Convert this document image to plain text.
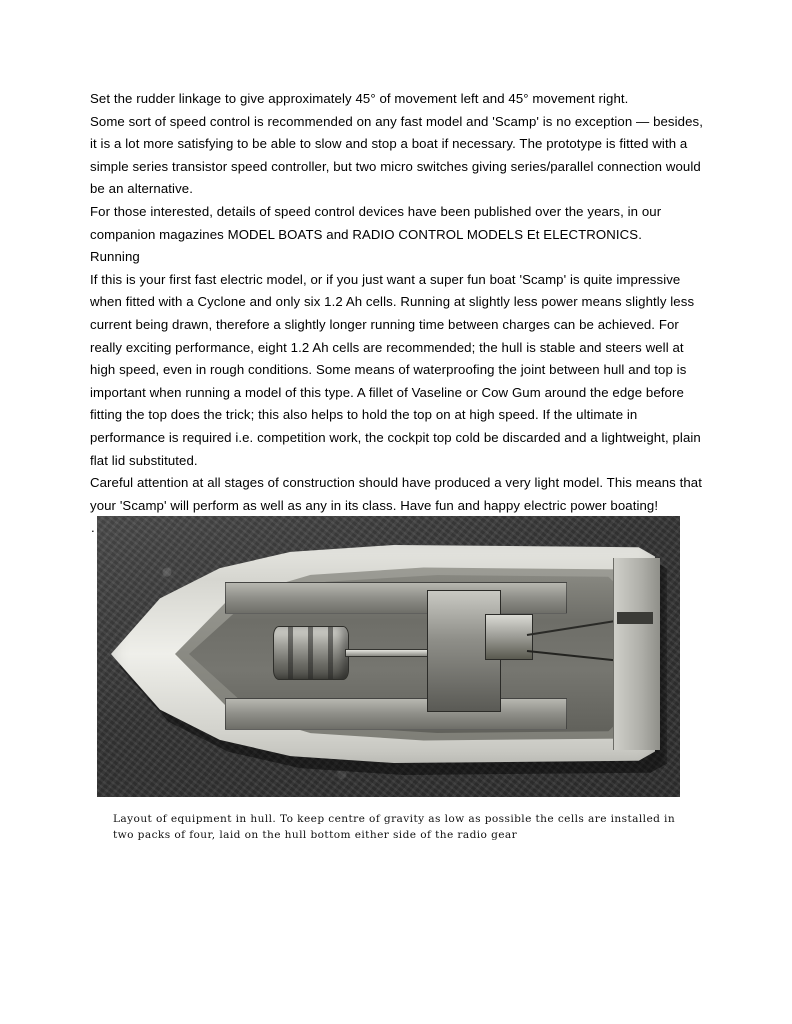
Set the rudder linkage to give approximately 45° of movement left and 45° movement right.

Some sort of speed control is recommended on any fast model and 'Scamp' is no exception — besides, it is a lot more satisfying to be able to slow and stop a boat if necessary. The prototype is fitted with a simple series transistor speed controller, but two micro switches giving series/parallel connection would be an alternative.

For those interested, details of speed control devices have been published over the years, in our companion magazines MODEL BOATS and RADIO CONTROL MODELS Et ELECTRONICS.

Running

If this is your first fast electric model, or if you just want a super fun boat 'Scamp' is quite impressive when fitted with a Cyclone and only six 1.2 Ah cells. Running at slightly less power means slightly less current being drawn, therefore a slightly longer running time between charges can be achieved. For really exciting performance, eight 1.2 Ah cells are recommended; the hull is stable and steers well at high speed, even in rough conditions. Some means of waterproofing the joint between hull and top is important when running a model of this type. A fillet of Vaseline or Cow Gum around the edge before fitting the top does the trick; this also helps to hold the top on at high speed. If the ultimate in performance is required i.e. competition work, the cockpit top cold be discarded and a lightweight, plain flat lid substituted.

Careful attention at all stages of construction should have produced a very light model. This means that your 'Scamp' will perform as well as any in its class. Have fun and happy electric power boating!

.

Layout of equipment in hull. To keep centre of gravity as low as possible the cells are installed in two packs of four, laid on the hull bottom either side of the radio gear
